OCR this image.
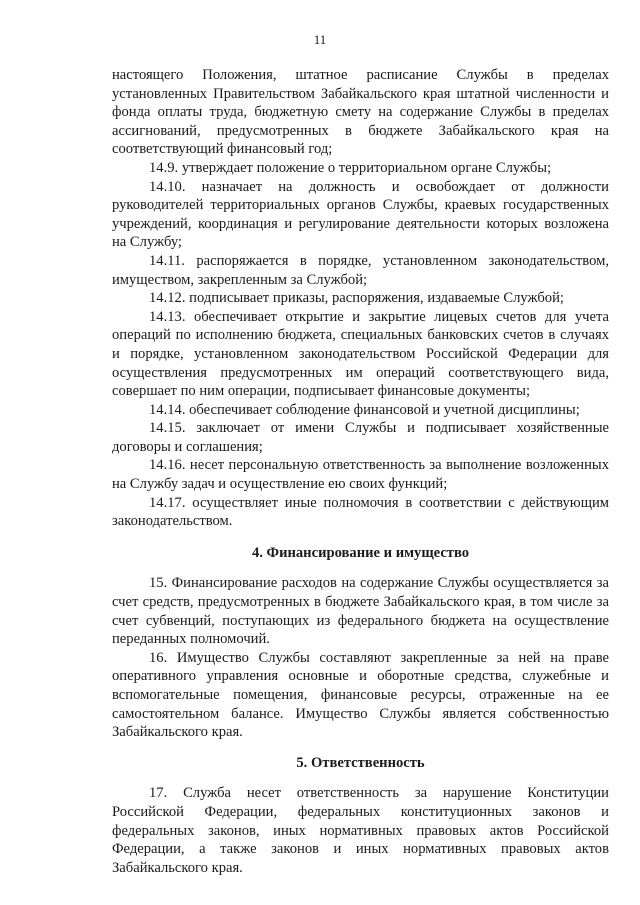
11

настоящего Положения, штатное расписание Службы в пределах установленных Правительством Забайкальского края штатной численности и фонда оплаты труда, бюджетную смету на содержание Службы в пределах ассигнований, предусмотренных в бюджете Забайкальского края на соответствующий финансовый год;

14.9. утверждает положение о территориальном органе Службы;

14.10. назначает на должность и освобождает от должности руководителей территориальных органов Службы, краевых государственных учреждений, координация и регулирование деятельности которых возложена на Службу;

14.11. распоряжается в порядке, установленном законодательством, имуществом, закрепленным за Службой;

14.12. подписывает приказы, распоряжения, издаваемые Службой;

14.13. обеспечивает открытие и закрытие лицевых счетов для учета операций по исполнению бюджета, специальных банковских счетов в случаях и порядке, установленном законодательством Российской Федерации для осуществления предусмотренных им операций соответствующего вида, совершает по ним операции, подписывает финансовые документы;

14.14. обеспечивает соблюдение финансовой и учетной дисциплины;

14.15. заключает от имени Службы и подписывает хозяйственные договоры и соглашения;

14.16. несет персональную ответственность за выполнение возложенных на Службу задач и осуществление ею своих функций;

14.17. осуществляет иные полномочия в соответствии с действующим законодательством.

4. Финансирование и имущество

15. Финансирование расходов на содержание Службы осуществляется за счет средств, предусмотренных в бюджете Забайкальского края, в том числе за счет субвенций, поступающих из федерального бюджета на осуществление переданных полномочий.

16. Имущество Службы составляют закрепленные за ней на праве оперативного управления основные и оборотные средства, служебные и вспомогательные помещения, финансовые ресурсы, отраженные на ее самостоятельном балансе. Имущество Службы является собственностью Забайкальского края.

5. Ответственность

17. Служба несет ответственность за нарушение Конституции Российской Федерации, федеральных конституционных законов и федеральных законов, иных нормативных правовых актов Российской Федерации, а также законов и иных нормативных правовых актов Забайкальского края.
